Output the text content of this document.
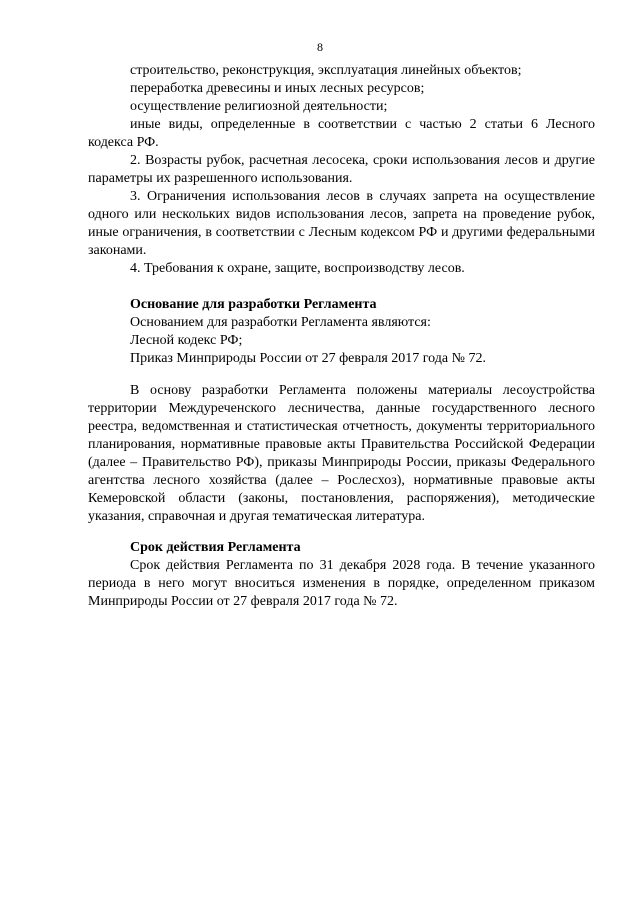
8

строительство, реконструкция, эксплуатация линейных объектов;

переработка древесины и иных лесных ресурсов;

осуществление религиозной деятельности;

иные виды, определенные в соответствии с частью 2 статьи 6 Лесного кодекса РФ.

2. Возрасты рубок, расчетная лесосека, сроки использования лесов и другие параметры их разрешенного использования.

3. Ограничения использования лесов в случаях запрета на осуществление одного или нескольких видов использования лесов, запрета на проведение рубок, иные ограничения, в соответствии с Лесным кодексом РФ и другими федеральными законами.

4. Требования к охране, защите, воспроизводству лесов.

Основание для разработки Регламента

Основанием для разработки Регламента являются:

Лесной кодекс РФ;

Приказ Минприроды России от 27 февраля 2017 года № 72.

В основу разработки Регламента положены материалы лесоустройства территории Междуреченского лесничества, данные государственного лесного реестра, ведомственная и статистическая отчетность, документы территориального планирования, нормативные правовые акты Правительства Российской Федерации (далее – Правительство РФ), приказы Минприроды России, приказы Федерального агентства лесного хозяйства (далее – Рослесхоз), нормативные правовые акты Кемеровской области (законы, постановления, распоряжения), методические указания, справочная и другая тематическая литература.

Срок действия Регламента

Срок действия Регламента по 31 декабря 2028 года. В течение указанного периода в него могут вноситься изменения в порядке, определенном приказом Минприроды России от 27 февраля 2017 года № 72.
